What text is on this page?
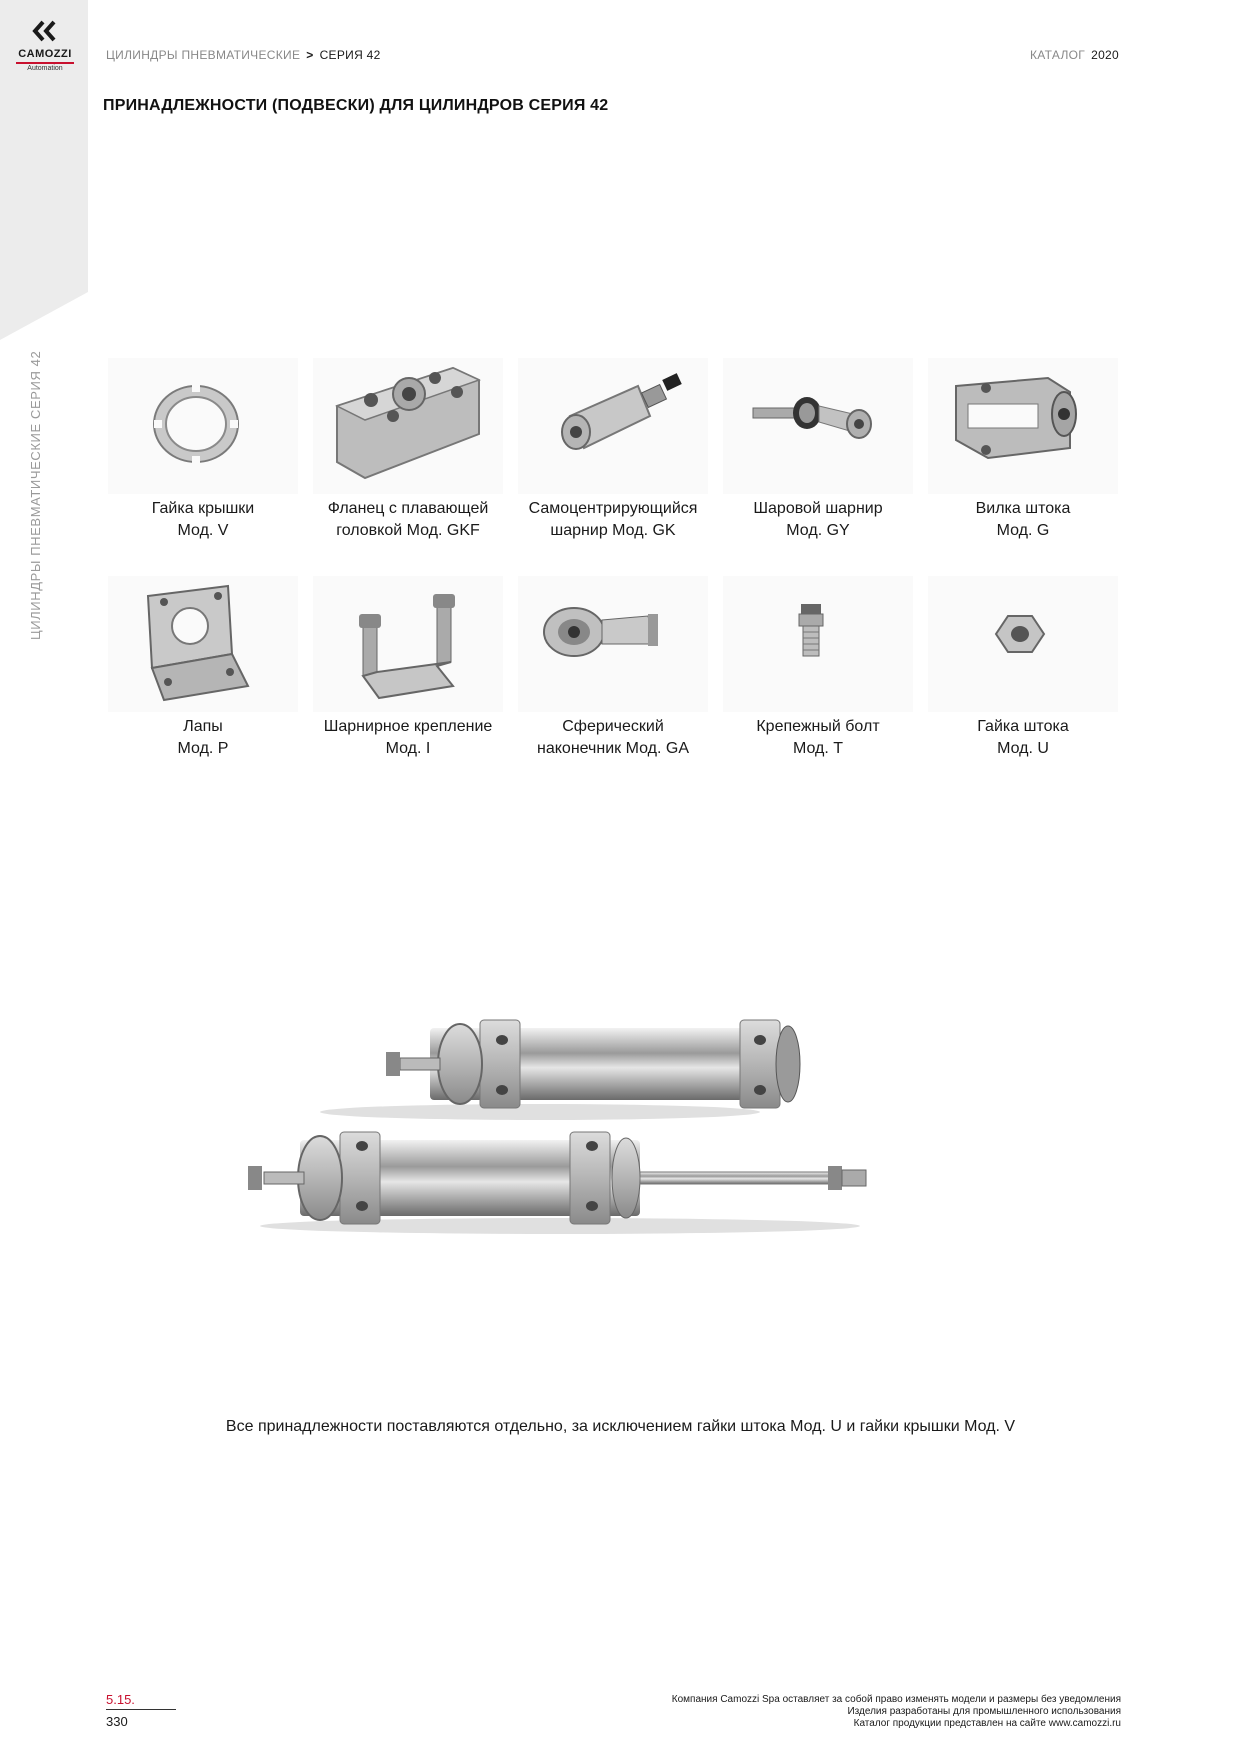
CAMOZZI
Automation
ЦИЛИНДРЫ ПНЕВМАТИЧЕСКИЕ СЕРИЯ 42
ЦИЛИНДРЫ ПНЕВМАТИЧЕСКИЕ > СЕРИЯ 42	КАТАЛОГ 2020
ПРИНАДЛЕЖНОСТИ (ПОДВЕСКИ) ДЛЯ ЦИЛИНДРОВ СЕРИЯ 42
Гайка крышки
Мод. V
Фланец с плавающей
головкой Мод. GKF
Самоцентрирующийся
шарнир Мод. GK
Шаровой шарнир
Мод. GY
Вилка штока
Мод. G
Лапы
Мод. P
Шарнирное крепление
Мод. I
Сферический
наконечник Мод. GA
Крепежный болт
Мод. T
Гайка штока
Мод. U
Все принадлежности поставляются отдельно, за исключением гайки штока Мод. U и гайки крышки Мод. V
5.15.
330
Компания Camozzi Spa оставляет за собой право изменять модели и размеры без уведомления
Изделия разработаны для промышленного использования
Каталог продукции представлен на сайте www.camozzi.ru
